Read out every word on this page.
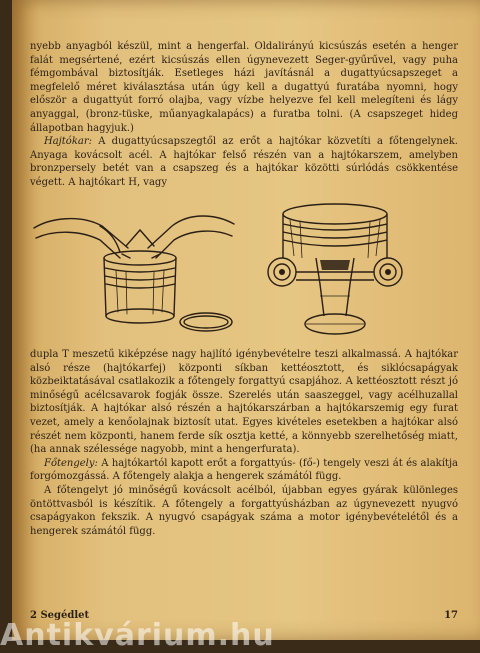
nyebb anyagból készül, mint a hengerfal. Oldalirányú kicsúszás esetén a henger falát megsértené, ezért kicsúszás ellen úgynevezett Seger-gyűrűvel, vagy puha fémgombával biztosítják. Esetleges házi javításnál a dugattyúcsapszeget a megfelelő méret kiválasztása után úgy kell a dugattyú furatába nyomni, hogy először a dugattyút forró olajba, vagy vízbe helyezve fel kell melegíteni és lágy anyaggal, (bronz-tüske, műanyagkalapács) a furatba tolni. (A csapszeget hideg állapotban hagyjuk.)

Hajtókar: A dugattyúcsapszegtől az erőt a hajtókar közvetíti a főtengelynek. Anyaga kovácsolt acél. A hajtókar felső részén van a hajtókarszem, amelyben bronzpersely betét van a csapszeg és a hajtókar közötti súrlódás csökkentése végett. A hajtókart H, vagy

dupla T meszetű kiképzése nagy hajlító igénybevételre teszi alkalmassá. A hajtókar alsó része (hajtókarfej) központi síkban kettéosztott, és siklócsapágyak közbeiktatásával csatlakozik a főtengely forgattyú csapjához. A kettéosztott részt jó minőségű acélcsavarok fogják össze. Szerelés után saaszeggel, vagy acélhuzallal biztosítják. A hajtókar alsó részén a hajtókarszárban a hajtókarszemig egy furat vezet, amely a kenőolajnak biztosít utat. Egyes kivételes esetekben a hajtókar alsó részét nem központi, hanem ferde sík osztja ketté, a könnyebb szerelhetőség miatt, (ha annak szélessége nagyobb, mint a hengerfurata).

Főtengely: A hajtókartól kapott erőt a forgattyús- (fő-) tengely veszi át és alakítja forgómozgássá. A főtengely alakja a hengerek számától függ.

A főtengelyt jó minőségű kovácsolt acélból, újabban egyes gyárak különleges öntöttvasból is készítik. A főtengely a forgattyúsházban az úgynevezett nyugvó csapágyakon fekszik. A nyugvó csapágyak száma a motor igénybevételétől és a hengerek számától függ.

2 Segédlet	17
Antikvárium.hu
